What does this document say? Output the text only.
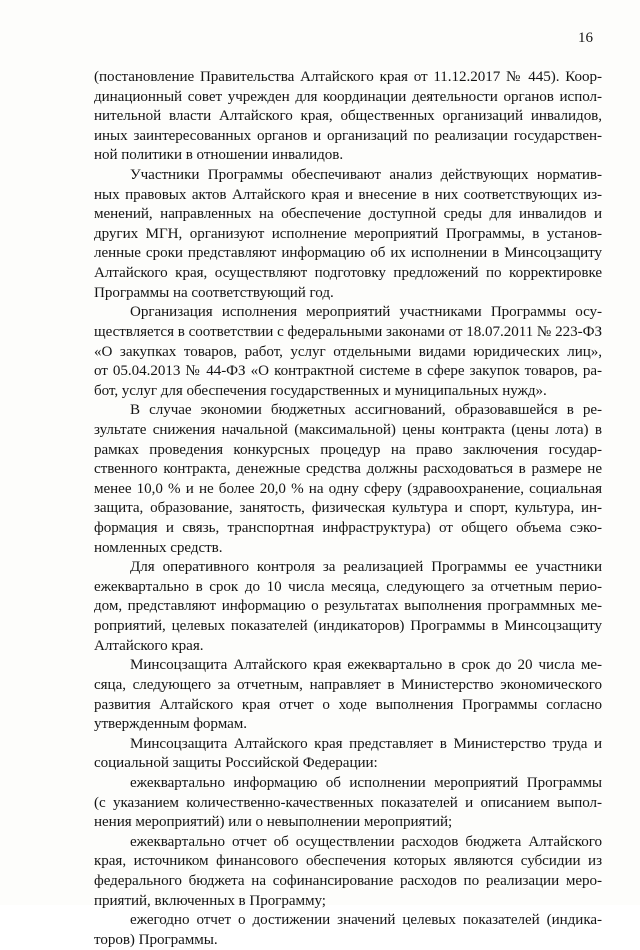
16
(постановление Правительства Алтайского края от 11.12.2017 № 445). Коор-
динационный совет учрежден для координации деятельности органов испол-
нительной власти Алтайского края, общественных организаций инвалидов,
иных заинтересованных органов и организаций по реализации государствен-
ной политики в отношении инвалидов.
Участники Программы обеспечивают анализ действующих норматив-
ных правовых актов Алтайского края и внесение в них соответствующих из-
менений, направленных на обеспечение доступной среды для инвалидов и
других МГН, организуют исполнение мероприятий Программы, в установ-
ленные сроки представляют информацию об их исполнении в Минсоцзащиту
Алтайского края, осуществляют подготовку предложений по корректировке
Программы на соответствующий год.
Организация исполнения мероприятий участниками Программы осу-
ществляется в соответствии с федеральными законами от 18.07.2011 № 223-ФЗ
«О закупках товаров, работ, услуг отдельными видами юридических лиц»,
от 05.04.2013 № 44-ФЗ «О контрактной системе в сфере закупок товаров, ра-
бот, услуг для обеспечения государственных и муниципальных нужд».
В случае экономии бюджетных ассигнований, образовавшейся в ре-
зультате снижения начальной (максимальной) цены контракта (цены лота) в
рамках проведения конкурсных процедур на право заключения государ-
ственного контракта, денежные средства должны расходоваться в размере не
менее 10,0 % и не более 20,0 % на одну сферу (здравоохранение, социальная
защита, образование, занятость, физическая культура и спорт, культура, ин-
формация и связь, транспортная инфраструктура) от общего объема сэко-
номленных средств.
Для оперативного контроля за реализацией Программы ее участники
ежеквартально в срок до 10 числа месяца, следующего за отчетным перио-
дом, представляют информацию о результатах выполнения программных ме-
роприятий, целевых показателей (индикаторов) Программы в Минсоцзащиту
Алтайского края.
Минсоцзащита Алтайского края ежеквартально в срок до 20 числа ме-
сяца, следующего за отчетным, направляет в Министерство экономического
развития Алтайского края отчет о ходе выполнения Программы согласно
утвержденным формам.
Минсоцзащита Алтайского края представляет в Министерство труда и
социальной защиты Российской Федерации:
ежеквартально информацию об исполнении мероприятий Программы
(с указанием количественно-качественных показателей и описанием выпол-
нения мероприятий) или о невыполнении мероприятий;
ежеквартально отчет об осуществлении расходов бюджета Алтайского
края, источником финансового обеспечения которых являются субсидии из
федерального бюджета на софинансирование расходов по реализации меро-
приятий, включенных в Программу;
ежегодно отчет о достижении значений целевых показателей (индика-
торов) Программы.
